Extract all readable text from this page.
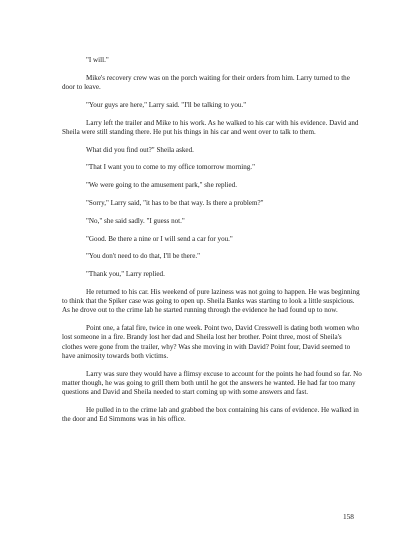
"I will."

Mike's recovery crew was on the porch waiting for their orders from him. Larry turned to the door to leave.

"Your guys are here," Larry said. "I'll be talking to you."

Larry left the trailer and Mike to his work. As he walked to his car with his evidence. David and Sheila were still standing there. He put his things in his car and went over to talk to them.

What did you find out?" Sheila asked.

"That I want you to come to my office tomorrow morning."

"We were going to the amusement park," she replied.

"Sorry," Larry said, "it has to be that way. Is there a problem?"

"No," she said sadly. "I guess not."

"Good. Be there a nine or I will send a car for you."

"You don't need to do that, I'll be there."

"Thank you," Larry replied.

He returned to his car. His weekend of pure laziness was not going to happen. He was beginning to think that the Spiker case was going to open up. Sheila Banks was starting to look a little suspicious. As he drove out to the crime lab he started running through the evidence he had found up to now.

Point one, a fatal fire, twice in one week. Point two, David Cresswell is dating both women who lost someone in a fire. Brandy lost her dad and Sheila lost her brother. Point three, most of Sheila's clothes were gone from the trailer, why? Was she moving in with David? Point four, David seemed to have animosity towards both victims.

Larry was sure they would have a flimsy excuse to account for the points he had found so far. No matter though, he was going to grill them both until he got the answers he wanted. He had far too many questions and David and Sheila needed to start coming up with some answers and fast.

He pulled in to the crime lab and grabbed the box containing his cans of evidence. He walked in the door and Ed Simmons was in his office.

158
